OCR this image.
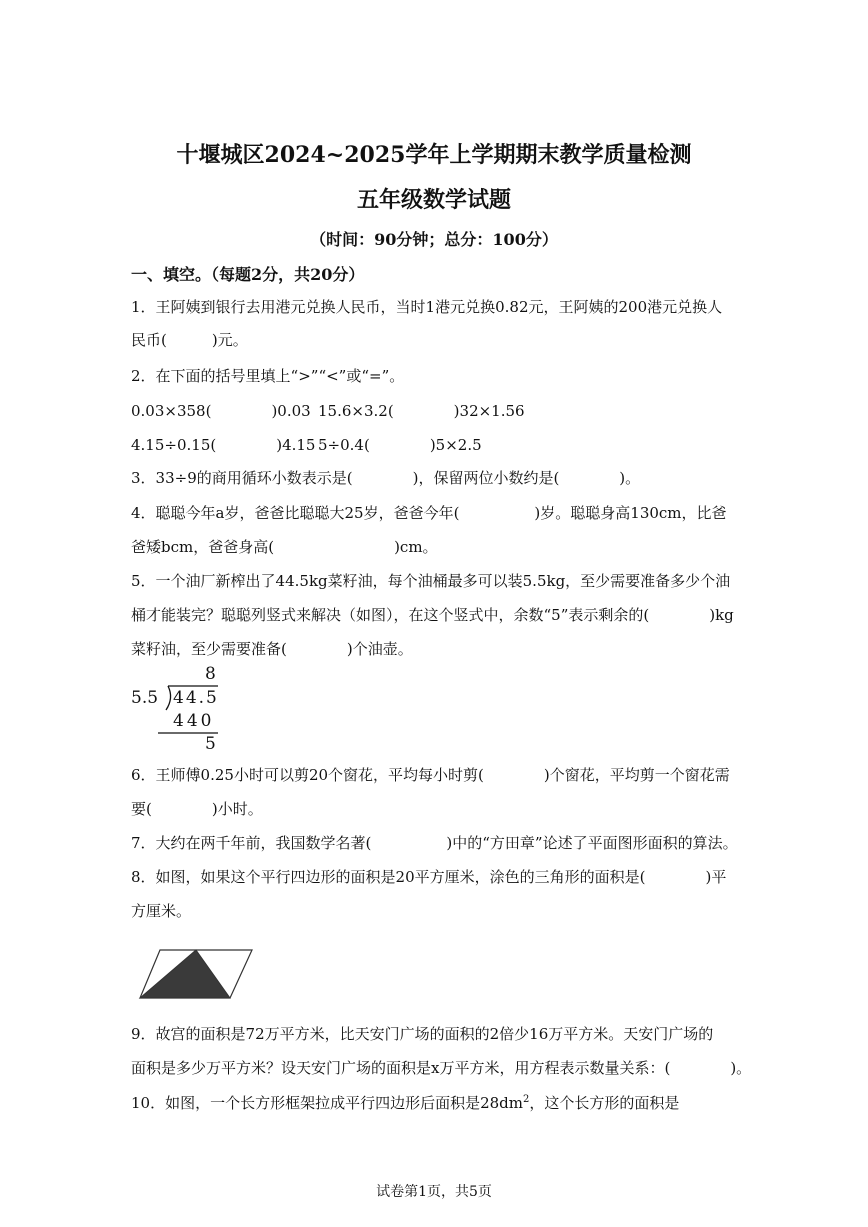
十堰城区2024~2025学年上学期期末教学质量检测
五年级数学试题
（时间：90分钟；总分：100分）
一、填空。（每题2分，共20分）
1．王阿姨到银行去用港元兑换人民币，当时1港元兑换0.82元，王阿姨的200港元兑换人
民币(　　　)元。
2．在下面的括号里填上“>”“<”或“=”。
0.03×358(　　　　)0.03 15.6×3.2(　　　　)32×1.56
4.15÷0.15(　　　　)4.15 5÷0.4(　　　　)5×2.5
3．33÷9的商用循环小数表示是(　　　　)，保留两位小数约是(　　　　)。
4．聪聪今年a岁，爸爸比聪聪大25岁，爸爸今年(　　　　　)岁。聪聪身高130cm，比爸
爸矮bcm，爸爸身高(　　　　　　　　)cm。
5．一个油厂新榨出了44.5kg菜籽油，每个油桶最多可以装5.5kg，至少需要准备多少个油
桶才能装完？聪聪列竖式来解决（如图），在这个竖式中，余数“5”表示剩余的(　　　　)kg
菜籽油，至少需要准备(　　　　)个油壶。
8
5.5 44.5
440
5
6．王师傅0.25小时可以剪20个窗花，平均每小时剪(　　　　)个窗花，平均剪一个窗花需
要(　　　　)小时。
7．大约在两千年前，我国数学名著(　　　　　)中的“方田章”论述了平面图形面积的算法。
8．如图，如果这个平行四边形的面积是20平方厘米，涂色的三角形的面积是(　　　　)平
方厘米。
9．故宫的面积是72万平方米，比天安门广场的面积的2倍少16万平方米。天安门广场的
面积是多少万平方米？设天安门广场的面积是x万平方米，用方程表示数量关系：(　　　　)。
10．如图，一个长方形框架拉成平行四边形后面积是$28dm^2$，这个长方形的面积是
试卷第1页，共5页
